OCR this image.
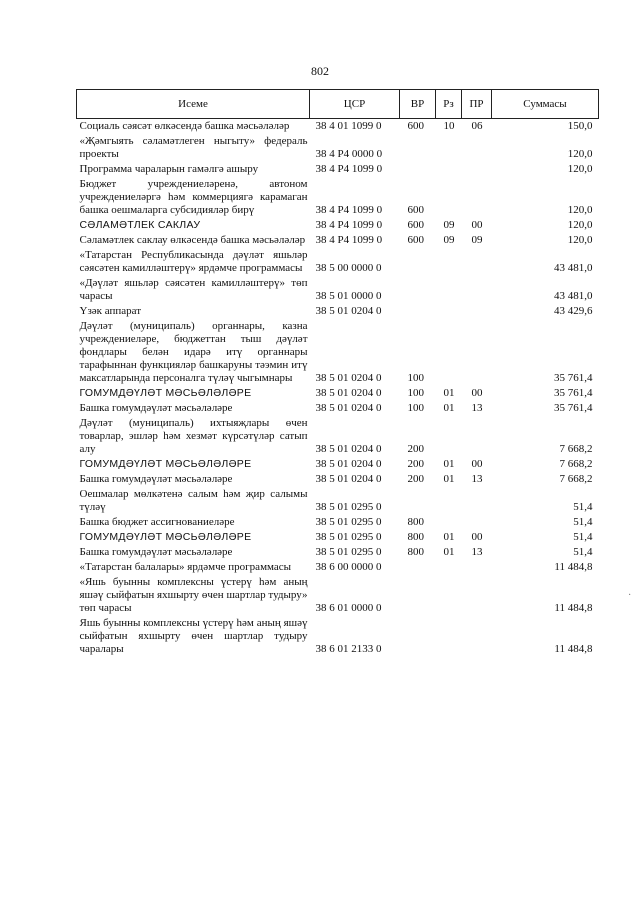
802
Исеме	ЦСР	ВР	Рз	ПР	Суммасы
Социаль сәясәт өлкәсендә башка мәсьәләләр	38 4 01 1099 0	600	10	06	150,0
«Җәмгыять сәламәтлеген ныгыту» федераль проекты	38 4 P4 0000 0				120,0
Программа чараларын гамәлгә ашыру	38 4 P4 1099 0				120,0
Бюджет учреждениеләренә, автоном учреждениеләргә һәм коммерциягә карамаган башка оешмаларга субсидияләр бирү	38 4 P4 1099 0	600			120,0
СӘЛАМӘТЛЕК САКЛАУ	38 4 P4 1099 0	600	09	00	120,0
Сәламәтлек саклау өлкәсендә башка мәсьәләләр	38 4 P4 1099 0	600	09	09	120,0
«Татарстан Республикасында дәүләт яшьләр сәясәтен камилләштерү» ярдәмче программасы	38 5 00 0000 0				43 481,0
«Дәүләт яшьләр сәясәтен камилләштерү» төп чарасы	38 5 01 0000 0				43 481,0
Үзәк аппарат	38 5 01 0204 0				43 429,6
Дәүләт (муниципаль) органнары, казна учреждениеләре, бюджеттан тыш дәүләт фондлары белән идарә итү органнары тарафыннан функцияләр башкаруны тәэмин итү максатларында персоналга түләү чыгымнары	38 5 01 0204 0	100			35 761,4
ГОМУМДӘҮЛӘТ МӘСЬӘЛӘЛӘРЕ	38 5 01 0204 0	100	01	00	35 761,4
Башка гомумдәүләт мәсьәләләре	38 5 01 0204 0	100	01	13	35 761,4
Дәүләт (муниципаль) ихтыяҗлары өчен товарлар, эшләр һәм хезмәт күрсәтүләр сатып алу	38 5 01 0204 0	200			7 668,2
ГОМУМДӘҮЛӘТ МӘСЬӘЛӘЛӘРЕ	38 5 01 0204 0	200	01	00	7 668,2
Башка гомумдәүләт мәсьәләләре	38 5 01 0204 0	200	01	13	7 668,2
Оешмалар мөлкәтенә салым һәм җир салымы түләү	38 5 01 0295 0				51,4
Башка бюджет ассигнованиеләре	38 5 01 0295 0	800			51,4
ГОМУМДӘҮЛӘТ МӘСЬӘЛӘЛӘРЕ	38 5 01 0295 0	800	01	00	51,4
Башка гомумдәүләт мәсьәләләре	38 5 01 0295 0	800	01	13	51,4
«Татарстан балалары» ярдәмче программасы	38 6 00 0000 0				11 484,8
«Яшь буынны комплексны үстерү һәм аның яшәү сыйфатын яхшырту өчен шартлар тудыру» төп чарасы	38 6 01 0000 0				11 484,8
Яшь буынны комплексны үстерү һәм аның яшәү сыйфатын яхшырту өчен шартлар тудыру чаралары	38 6 01 2133 0				11 484,8
·
